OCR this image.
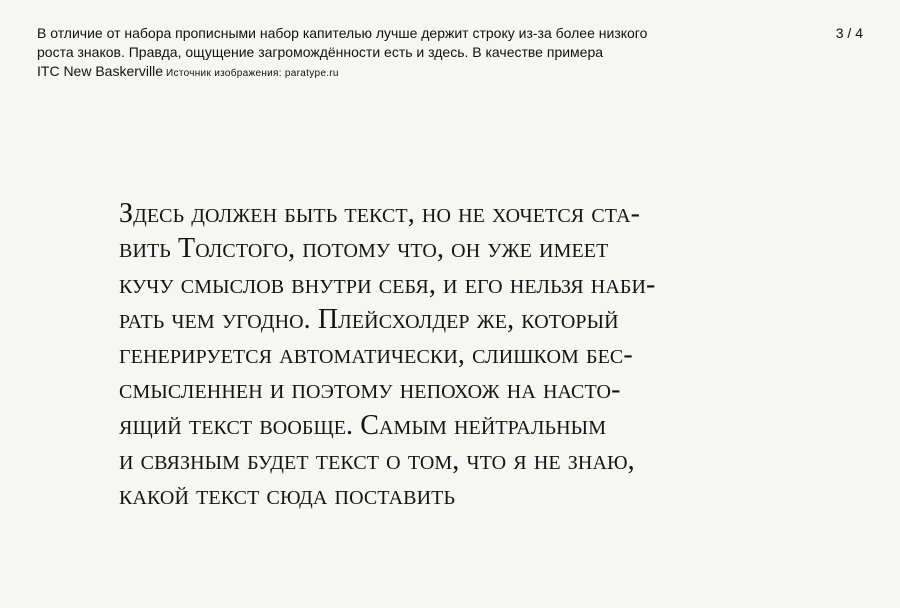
В отличие от набора прописными набор капителью лучше держит строку из-за более низкого
роста знаков. Правда, ощущение загромождённости есть и здесь. В качестве примера
ITC New Baskerville Источник изображения: paratype.ru
3 / 4
Здесь должен быть текст, но не хочется ста-
вить Толстого, потому что, он уже имеет
кучу смыслов внутри себя, и его нельзя наби-
рать чем угодно. Плейсхолдер же, который
генерируется автоматически, слишком бес-
смысленнен и поэтому непохож на насто-
ящий текст вообще. Самым нейтральным
и связным будет текст о том, что я не знаю,
какой текст сюда поставить
